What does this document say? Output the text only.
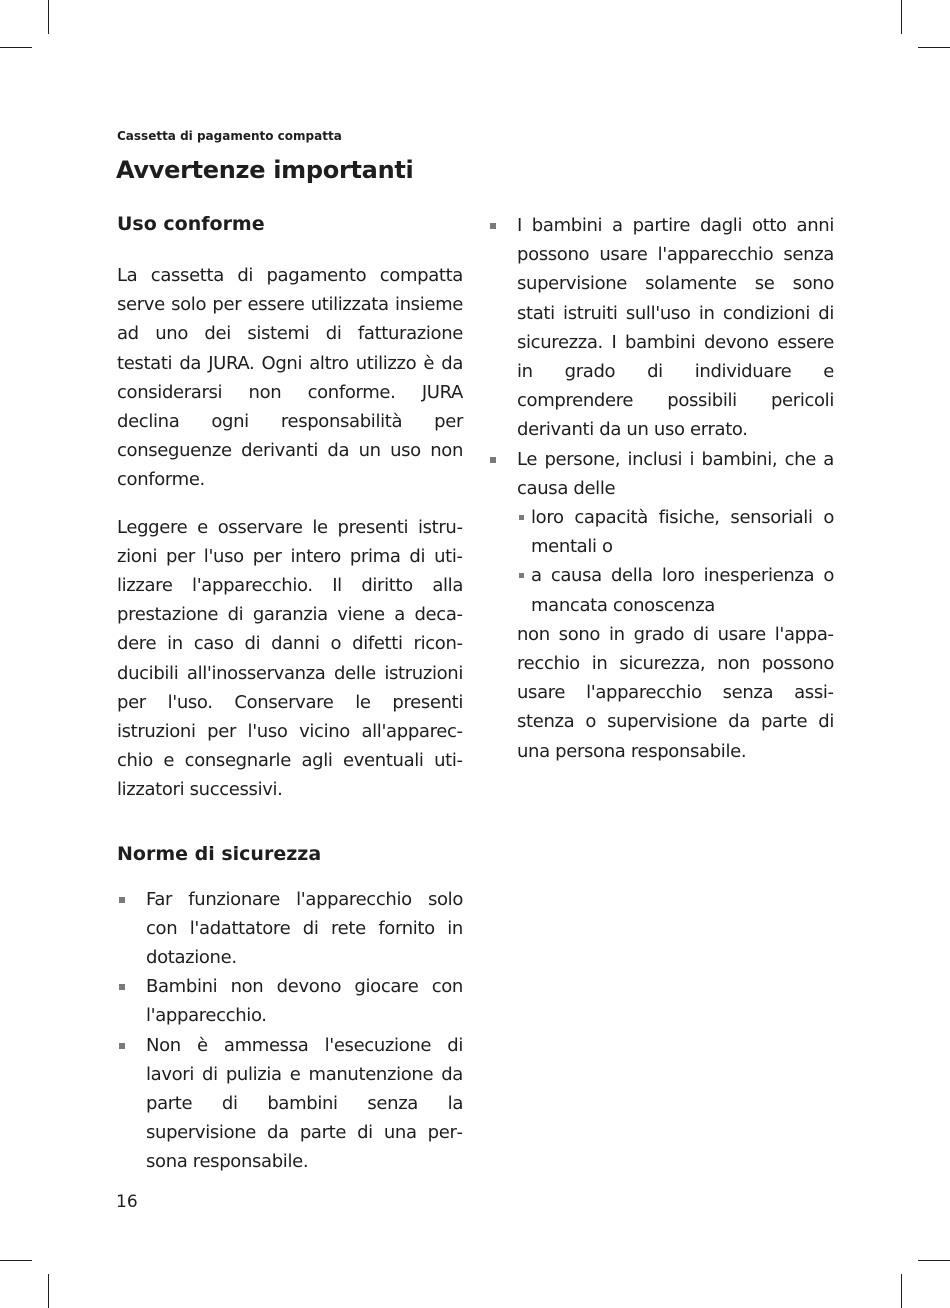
Cassetta di pagamento compatta
Avvertenze importanti
Uso conforme

La cassetta di pagamento compatta serve solo per essere utilizzata insieme ad uno dei sistemi di fatturazione testati da JURA. Ogni altro utilizzo è da considerarsi non conforme. JURA declina ogni responsabilità per conseguenze derivanti da un uso non conforme.

Leggere e osservare le presenti istruzioni per l'uso per intero prima di utilizzare l'apparecchio. Il diritto alla prestazione di garanzia viene a decadere in caso di danni o difetti riconducibili all'inosservanza delle istruzioni per l'uso. Conservare le presenti istruzioni per l'uso vicino all'apparecchio e consegnarle agli eventuali utilizzatori successivi.

Norme di sicurezza
Far funzionare l'apparecchio solo con l'adattatore di rete fornito in dotazione.
Bambini non devono giocare con l'apparecchio.
Non è ammessa l'esecuzione di lavori di pulizia e manutenzione da parte di bambini senza la supervisione da parte di una persona responsabile.
I bambini a partire dagli otto anni possono usare l'apparecchio senza supervisione solamente se sono stati istruiti sull'uso in condizioni di sicurezza. I bambini devono essere in grado di individuare e comprendere possibili pericoli derivanti da un uso errato.
Le persone, inclusi i bambini, che a causa delle
loro capacità fisiche, sensoriali o mentali o
a causa della loro inesperienza o mancata conoscenza
non sono in grado di usare l'apparecchio in sicurezza, non possono usare l'apparecchio senza assistenza o supervisione da parte di una persona responsabile.
16
